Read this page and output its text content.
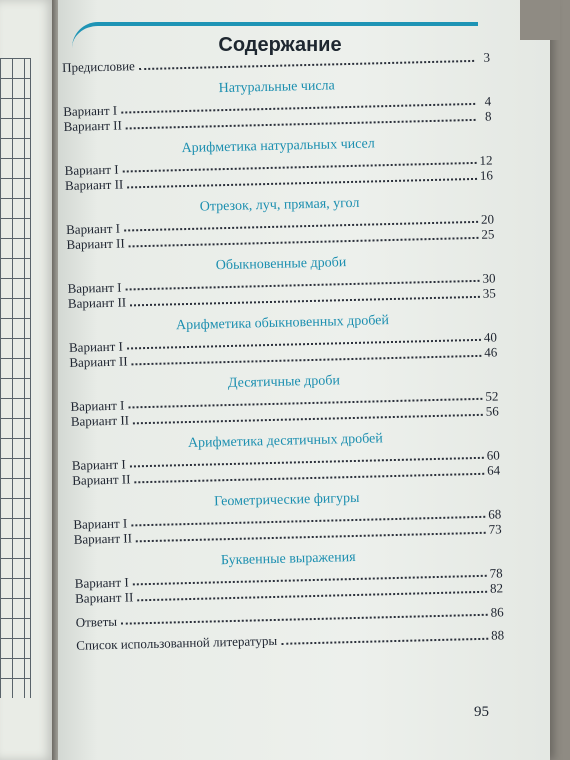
Содержание
Предисловие
3
Натуральные числа
Вариант I
4
Вариант II
8
Арифметика натуральных чисел
Вариант I
12
Вариант II
16
Отрезок, луч, прямая, угол
Вариант I
20
Вариант II
25
Обыкновенные дроби
Вариант I
30
Вариант II
35
Арифметика обыкновенных дробей
Вариант I
40
Вариант II
46
Десятичные дроби
Вариант I
52
Вариант II
56
Арифметика десятичных дробей
Вариант I
60
Вариант II
64
Геометрические фигуры
Вариант I
68
Вариант II
73
Буквенные выражения
Вариант I
78
Вариант II
82
Ответы
86
Список использованной литературы	88
95
